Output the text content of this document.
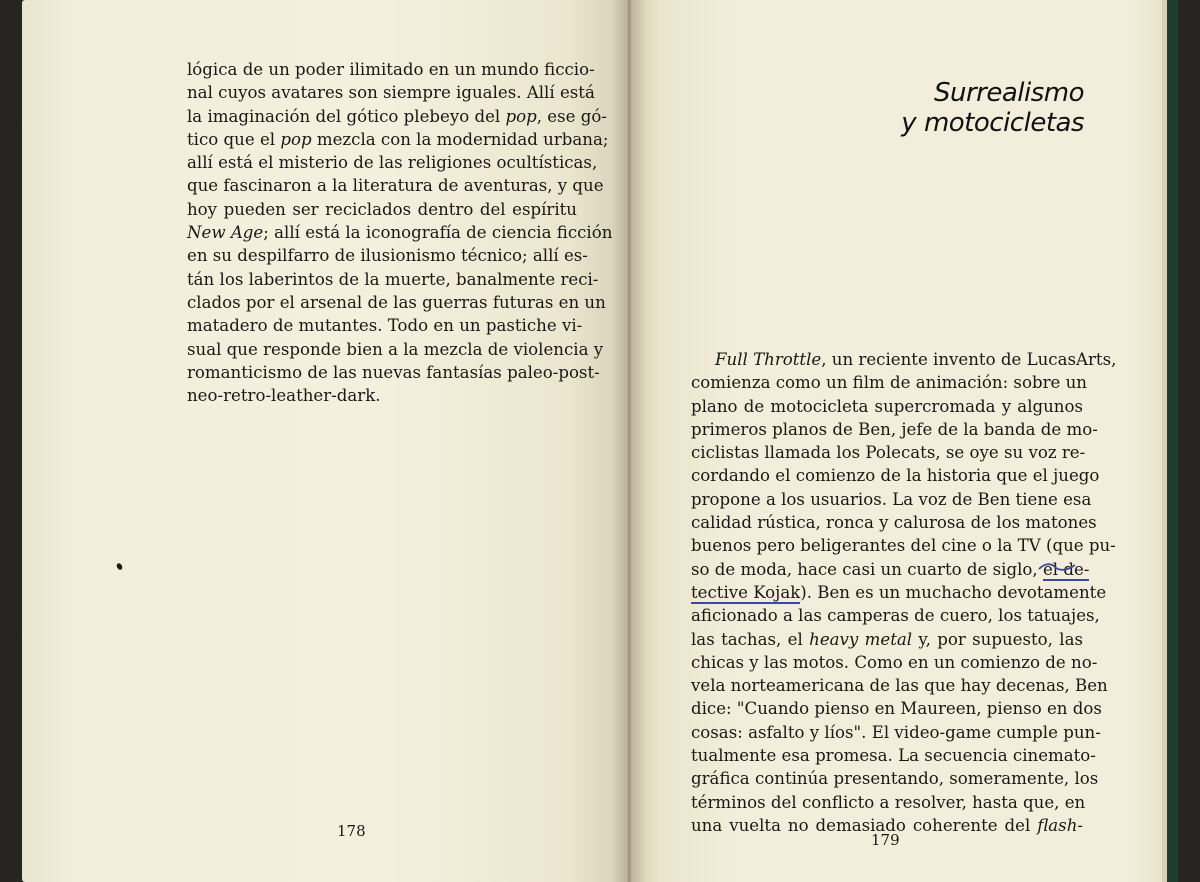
lógica de un poder ilimitado en un mundo ficcio-
nal cuyos avatares son siempre iguales. Allí está
la imaginación del gótico plebeyo del pop, ese gó-
tico que el pop mezcla con la modernidad urbana;
allí está el misterio de las religiones ocultísticas,
que fascinaron a la literatura de aventuras, y que
hoy pueden ser reciclados dentro del espíritu
New Age; allí está la iconografía de ciencia ficción
en su despilfarro de ilusionismo técnico; allí es-
tán los laberintos de la muerte, banalmente reci-
clados por el arsenal de las guerras futuras en un
matadero de mutantes. Todo en un pastiche vi-
sual que responde bien a la mezcla de violencia y
romanticismo de las nuevas fantasías paleo-post-
neo-retro-leather-dark.
178
Surrealismo
y motocicletas
Full Throttle, un reciente invento de LucasArts,
comienza como un film de animación: sobre un
plano de motocicleta supercromada y algunos
primeros planos de Ben, jefe de la banda de mo-
ciclistas llamada los Polecats, se oye su voz re-
cordando el comienzo de la historia que el juego
propone a los usuarios. La voz de Ben tiene esa
calidad rústica, ronca y calurosa de los matones
buenos pero beligerantes del cine o la TV (que pu-
so de moda, hace casi un cuarto de siglo, el de-
tective Kojak). Ben es un muchacho devotamente
aficionado a las camperas de cuero, los tatuajes,
las tachas, el heavy metal y, por supuesto, las
chicas y las motos. Como en un comienzo de no-
vela norteamericana de las que hay decenas, Ben
dice: "Cuando pienso en Maureen, pienso en dos
cosas: asfalto y líos". El video-game cumple pun-
tualmente esa promesa. La secuencia cinemato-
gráfica continúa presentando, someramente, los
términos del conflicto a resolver, hasta que, en
una vuelta no demasiado coherente del flash-
179
